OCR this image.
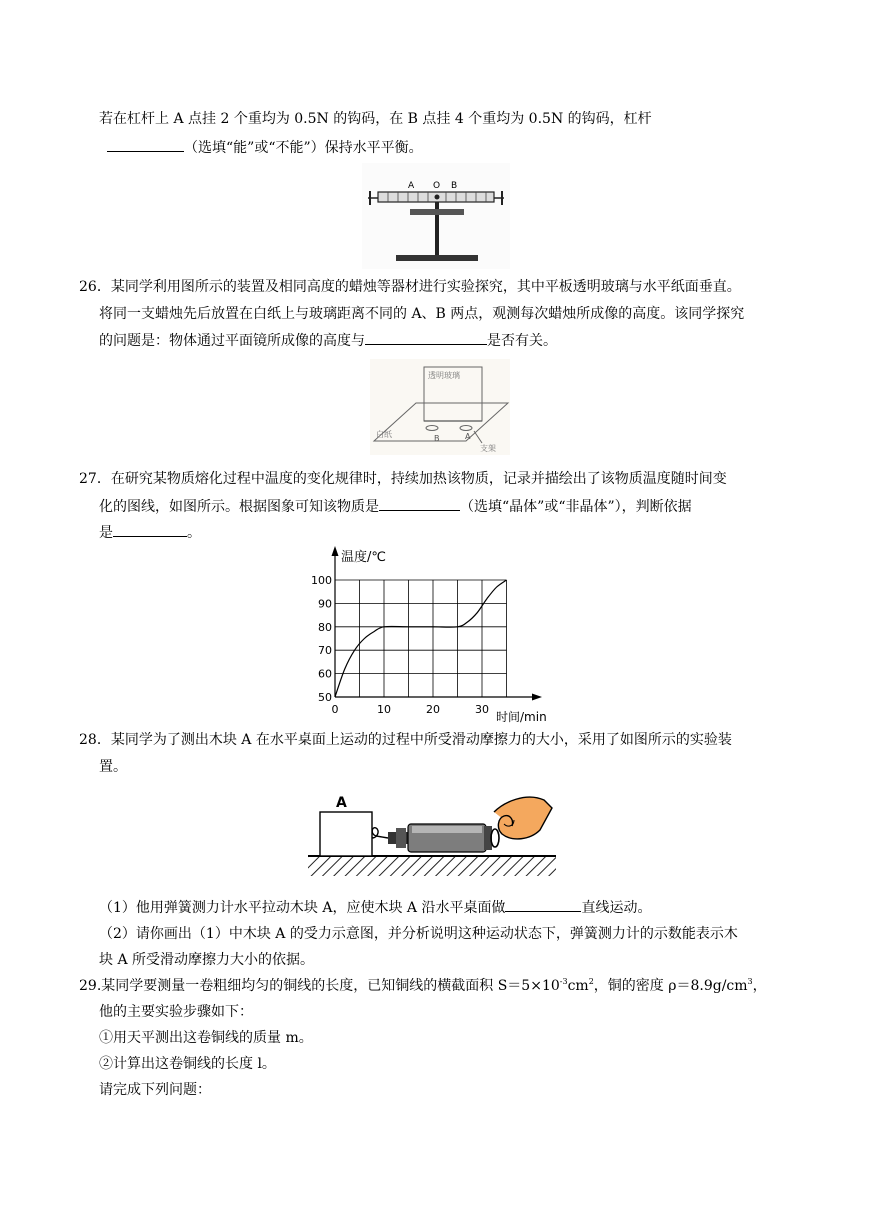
若在杠杆上 A 点挂 2 个重均为 0.5N 的钩码，在 B 点挂 4 个重均为 0.5N 的钩码，杠杆
（选填“能”或“不能”）保持水平平衡。
A O B
26．某同学利用图所示的装置及相同高度的蜡烛等器材进行实验探究，其中平板透明玻璃与水平纸面垂直。
将同一支蜡烛先后放置在白纸上与玻璃距离不同的 A、B 两点，观测每次蜡烛所成像的高度。该同学探究
的问题是：物体通过平面镜所成像的高度与	是否有关。
透明玻璃
白纸	A
B
支架
27．在研究某物质熔化过程中温度的变化规律时，持续加热该物质，记录并描绘出了该物质温度随时间变
化的图线，如图所示。根据图象可知该物质是	（选填“晶体”或“非晶体”），判断依据
是	。
50
60
70
80
90
100
0	10	20	30
温度/℃
时间/min
28．某同学为了测出木块 A 在水平桌面上运动的过程中所受滑动摩擦力的大小，采用了如图所示的实验装
置。
A
（1）他用弹簧测力计水平拉动木块 A，应使木块 A 沿水平桌面做	直线运动。
（2）请你画出（1）中木块 A 的受力示意图，并分析说明这种运动状态下，弹簧测力计的示数能表示木
块 A 所受滑动摩擦力大小的依据。
29.某同学要测量一卷粗细均匀的铜线的长度，已知铜线的横截面积 $S=5\times 10^{-3}cm^2$，铜的密度 $\rho=8.9g/cm^3$，
他的主要实验步骤如下：
①用天平测出这卷铜线的质量 m。
②计算出这卷铜线的长度 l。
请完成下列问题：
